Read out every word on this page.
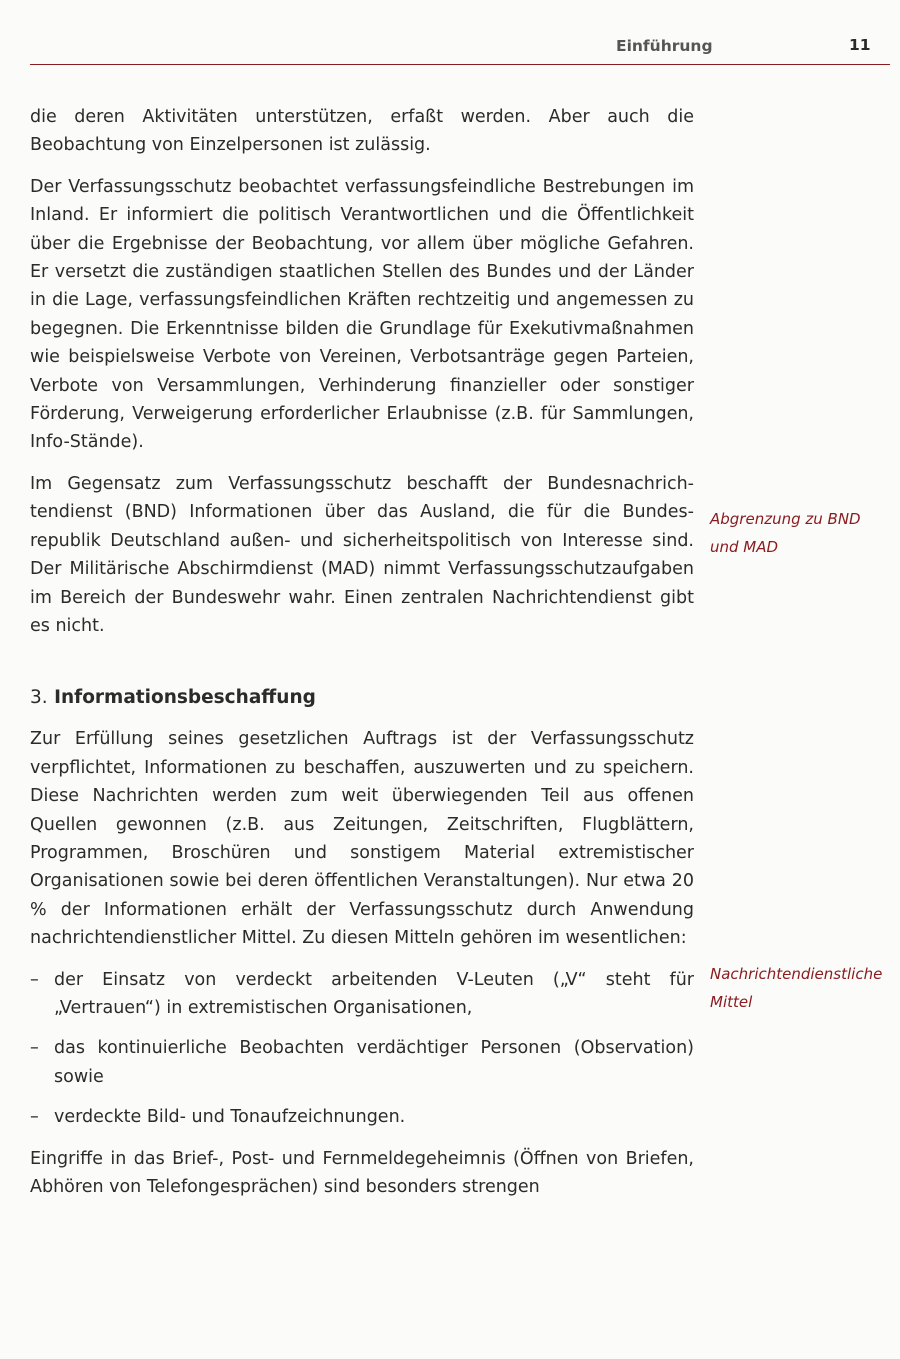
Einführung	11

die deren Aktivitäten unterstützen, erfaßt werden. Aber auch die Beobachtung von Einzelpersonen ist zulässig.

Der Verfassungsschutz beobachtet verfassungsfeindliche Bestrebungen im Inland. Er informiert die politisch Verantwortlichen und die Öffentlichkeit über die Ergebnisse der Beobachtung, vor allem über mögliche Gefahren. Er versetzt die zuständigen staatlichen Stellen des Bundes und der Länder in die Lage, verfassungsfeindlichen Kräften rechtzeitig und angemessen zu begegnen. Die Erkenntnisse bilden die Grundlage für Exekutivmaßnahmen wie beispielsweise Verbote von Vereinen, Verbotsanträge gegen Parteien, Verbote von Versammlungen, Verhinderung finanzieller oder sonstiger Förderung, Verweigerung erforderlicher Erlaubnisse (z.B. für Sammlungen, Info-Stände).

Im Gegensatz zum Verfassungsschutz beschafft der Bundesnachrichtendienst (BND) Informationen über das Ausland, die für die Bundesrepublik Deutschland außen- und sicherheitspolitisch von Interesse sind. Der Militärische Abschirmdienst (MAD) nimmt Verfassungsschutzaufgaben im Bereich der Bundeswehr wahr. Einen zentralen Nachrichtendienst gibt es nicht.

3. Informationsbeschaffung

Zur Erfüllung seines gesetzlichen Auftrags ist der Verfassungsschutz verpflichtet, Informationen zu beschaffen, auszuwerten und zu speichern. Diese Nachrichten werden zum weit überwiegenden Teil aus offenen Quellen gewonnen (z.B. aus Zeitungen, Zeitschriften, Flugblättern, Programmen, Broschüren und sonstigem Material extremistischer Organisationen sowie bei deren öffentlichen Veranstaltungen). Nur etwa 20 % der Informationen erhält der Verfassungsschutz durch Anwendung nachrichtendienstlicher Mittel. Zu diesen Mitteln gehören im wesentlichen:

– der Einsatz von verdeckt arbeitenden V-Leuten („V“ steht für „Vertrauen“) in extremistischen Organisationen,
– das kontinuierliche Beobachten verdächtiger Personen (Observation) sowie
– verdeckte Bild- und Tonaufzeichnungen.

Eingriffe in das Brief-, Post- und Fernmeldegeheimnis (Öffnen von Briefen, Abhören von Telefongesprächen) sind besonders strengen

Abgrenzung zu BND und MAD
Nachrichtendienstliche Mittel
